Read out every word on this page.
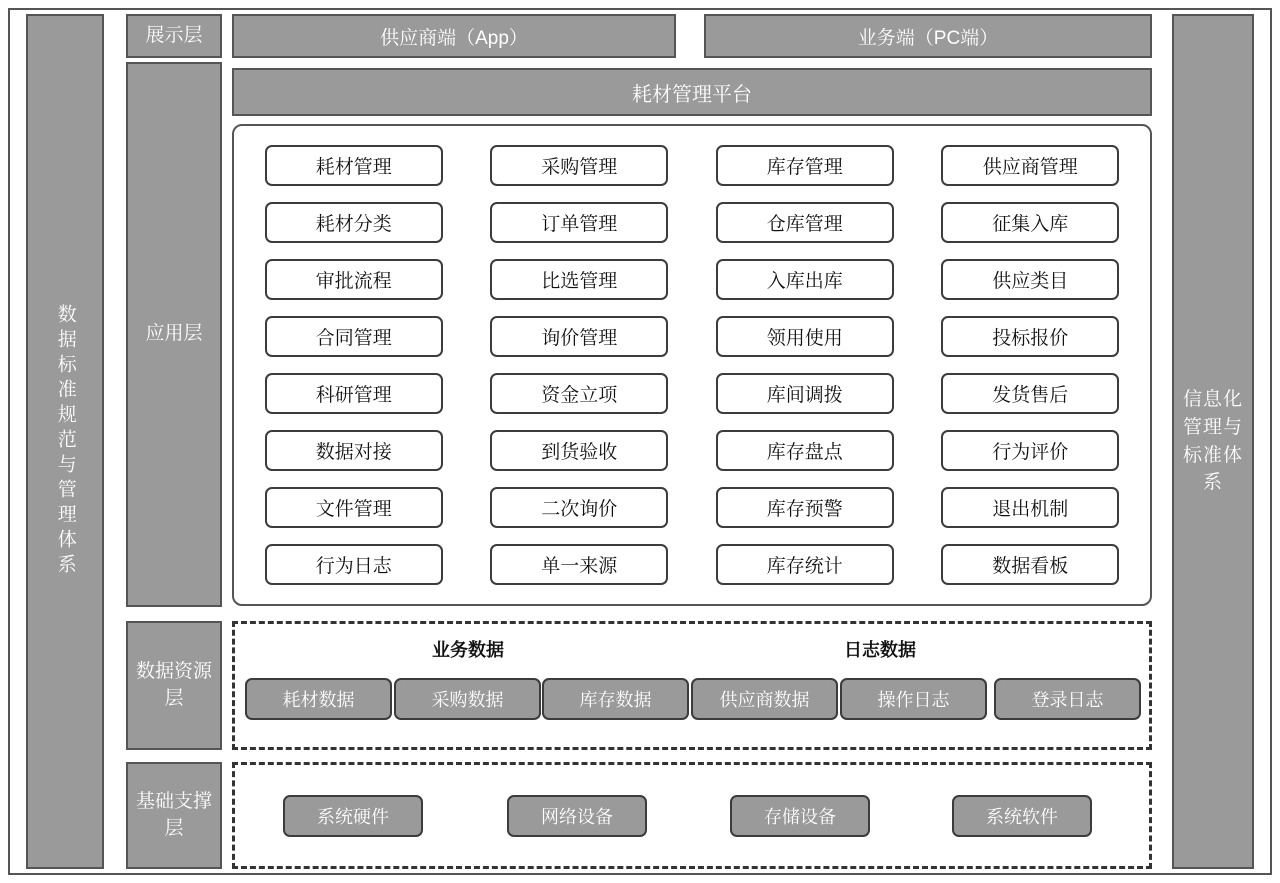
数据标准规范与管理体系	信息化管理与标准体系
展示层
应用层
数据资源层
基础支撑层
供应商端（App）	业务端（PC端）
耗材管理平台
耗材管理	采购管理	库存管理	供应商管理
耗材分类	订单管理	仓库管理	征集入库
审批流程	比选管理	入库出库	供应类目
合同管理	询价管理	领用使用	投标报价
科研管理	资金立项	库间调拨	发货售后
数据对接	到货验收	库存盘点	行为评价
文件管理	二次询价	库存预警	退出机制
行为日志	单一来源	库存统计	数据看板
业务数据	日志数据
耗材数据	采购数据	库存数据	供应商数据	操作日志	登录日志
系统硬件	网络设备	存储设备	系统软件
